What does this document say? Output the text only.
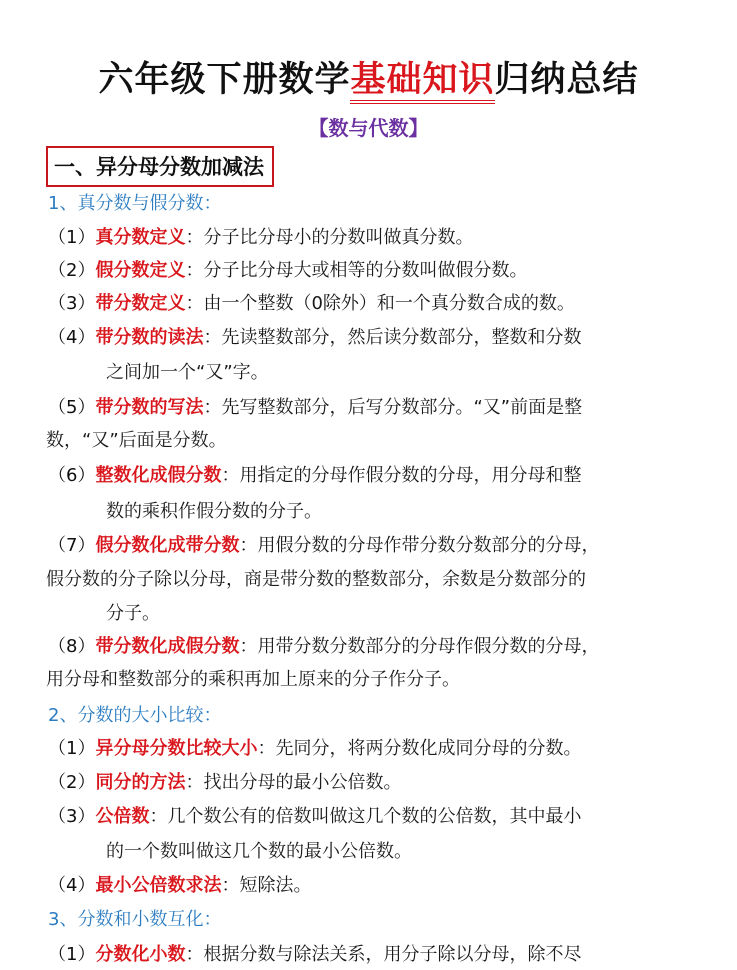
六年级下册数学基础知识归纳总结
【数与代数】
一、异分母分数加减法
1、真分数与假分数：
（1）真分数定义：分子比分母小的分数叫做真分数。
（2）假分数定义：分子比分母大或相等的分数叫做假分数。
（3）带分数定义：由一个整数（0除外）和一个真分数合成的数。
（4）带分数的读法：先读整数部分，然后读分数部分，整数和分数
之间加一个“又”字。
（5）带分数的写法：先写整数部分，后写分数部分。“又”前面是整
数，“又”后面是分数。
（6）整数化成假分数：用指定的分母作假分数的分母，用分母和整
数的乘积作假分数的分子。
（7）假分数化成带分数：用假分数的分母作带分数分数部分的分母，
假分数的分子除以分母，商是带分数的整数部分，余数是分数部分的
分子。
（8）带分数化成假分数：用带分数分数部分的分母作假分数的分母，
用分母和整数部分的乘积再加上原来的分子作分子。
2、分数的大小比较：
（1）异分母分数比较大小：先同分，将两分数化成同分母的分数。
（2）同分的方法：找出分母的最小公倍数。
（3）公倍数：几个数公有的倍数叫做这几个数的公倍数，其中最小
的一个数叫做这几个数的最小公倍数。
（4）最小公倍数求法：短除法。
3、分数和小数互化：
（1）分数化小数：根据分数与除法关系，用分子除以分母，除不尽
